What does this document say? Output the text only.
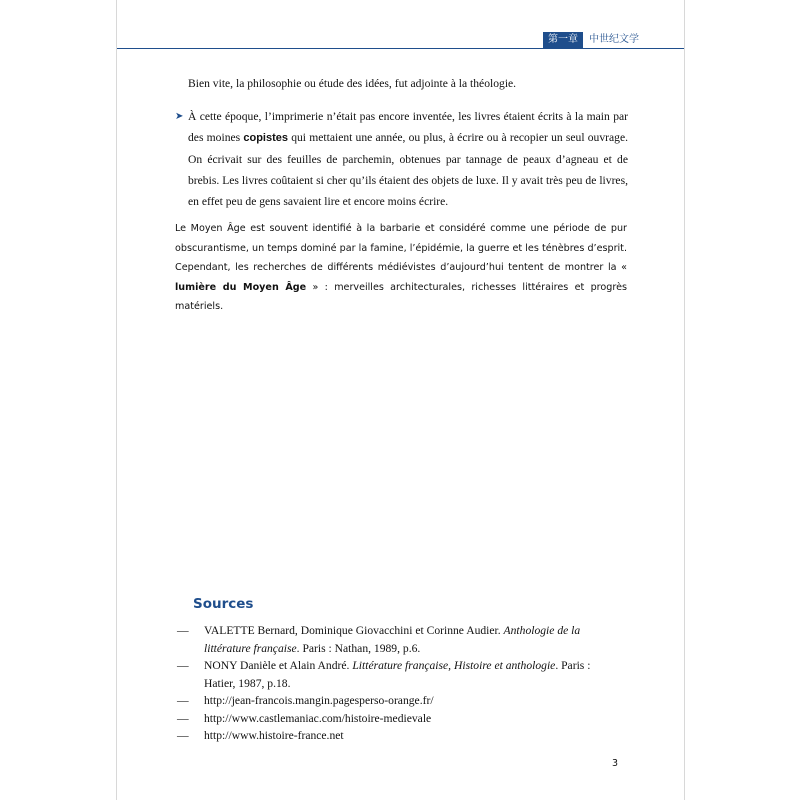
第一章	中世纪文学

Bien vite, la philosophie ou étude des idées, fut adjointe à la théologie.

➤ À cette époque, l’imprimerie n’était pas encore inventée, les livres étaient écrits à la main par des moines copistes qui mettaient une année, ou plus, à écrire ou à recopier un seul ouvrage. On écrivait sur des feuilles de parchemin, obtenues par tannage de peaux d’agneau et de brebis. Les livres coûtaient si cher qu’ils étaient des objets de luxe. Il y avait très peu de livres, en effet peu de gens savaient lire et encore moins écrire.

Le Moyen Âge est souvent identifié à la barbarie et considéré comme une période de pur obscurantisme, un temps dominé par la famine, l’épidémie, la guerre et les ténèbres d’esprit. Cependant, les recherches de différents médiévistes d’aujourd’hui tentent de montrer la « lumière du Moyen Âge » : merveilles architecturales, richesses littéraires et progrès matériels.

Sources
—	VALETTE Bernard, Dominique Giovacchini et Corinne Audier. Anthologie de la littérature française. Paris : Nathan, 1989, p.6.
—	NONY Danièle et Alain André. Littérature française, Histoire et anthologie. Paris : Hatier, 1987, p.18.
—	http://jean-francois.mangin.pagesperso-orange.fr/
—	http://www.castlemaniac.com/histoire-medievale
—	http://www.histoire-france.net
3
